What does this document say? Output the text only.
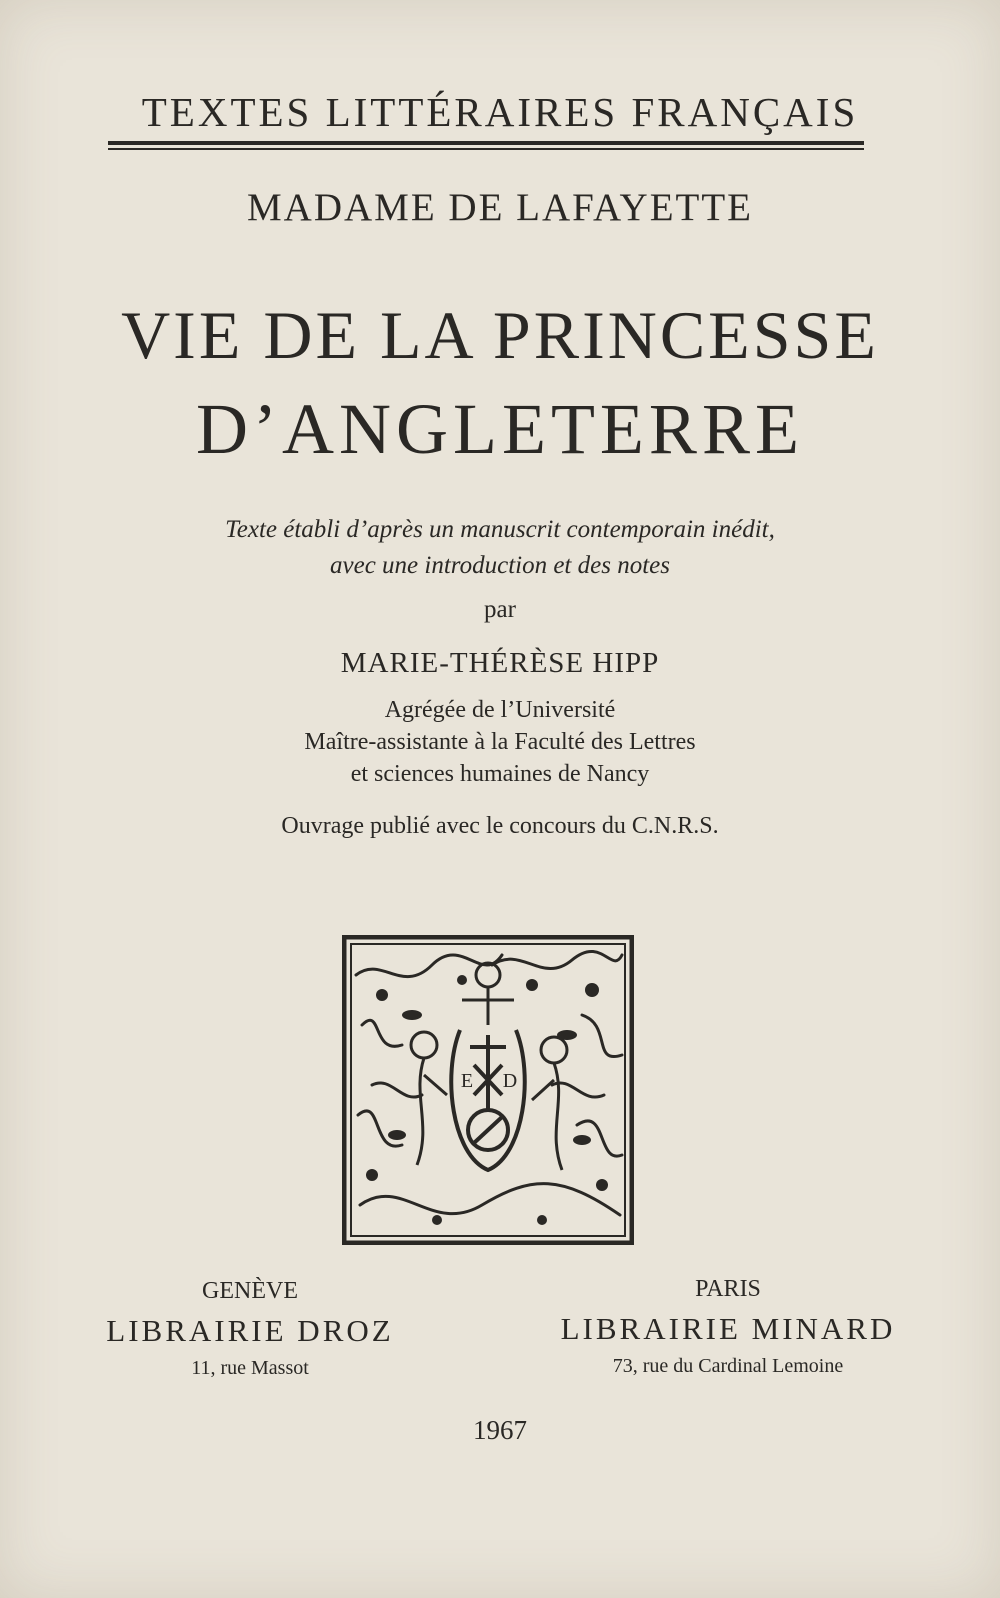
TEXTES LITTÉRAIRES FRANÇAIS
MADAME DE LAFAYETTE
VIE DE LA PRINCESSE
D’ANGLETERRE
Texte établi d’après un manuscrit contemporain inédit,
avec une introduction et des notes
par
MARIE-THÉRÈSE HIPP
Agrégée de l’Université
Maître-assistante à la Faculté des Lettres
et sciences humaines de Nancy
Ouvrage publié avec le concours du C.N.R.S.
E D
GENÈVE
LIBRAIRIE DROZ
11, rue Massot
PARIS
LIBRAIRIE MINARD
73, rue du Cardinal Lemoine
1967
